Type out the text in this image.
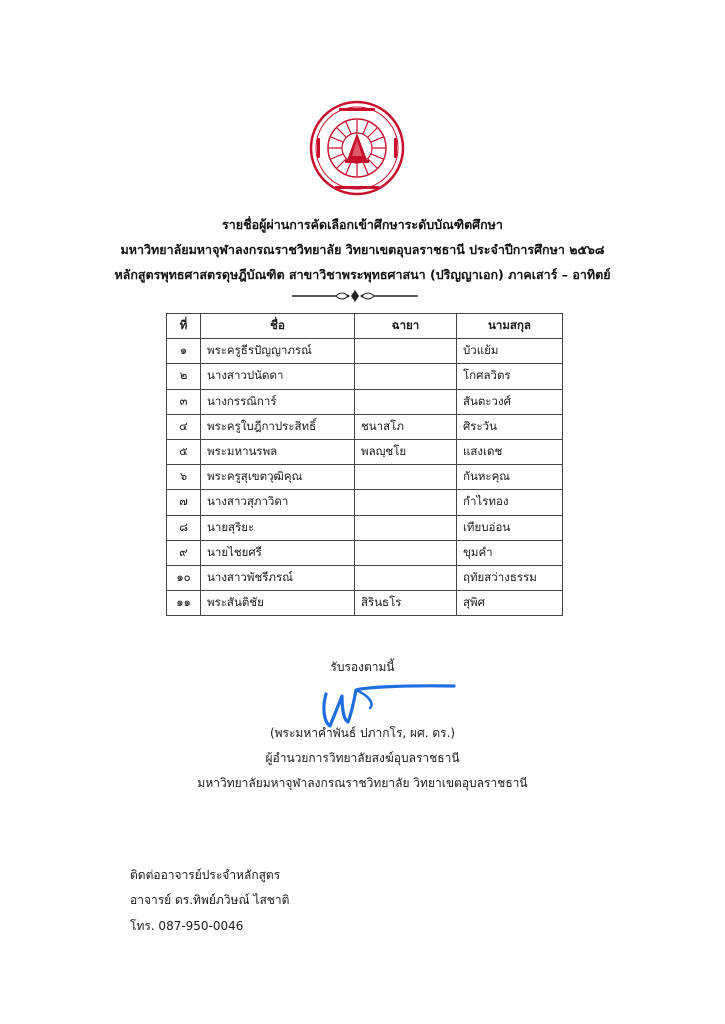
รายชื่อผู้ผ่านการคัดเลือกเข้าศึกษาระดับบัณฑิตศึกษา
มหาวิทยาลัยมหาจุฬาลงกรณราชวิทยาลัย วิทยาเขตอุบลราชธานี ประจำปีการศึกษา ๒๕๖๘
หลักสูตรพุทธศาสตรดุษฎีบัณฑิต สาขาวิชาพระพุทธศาสนา (ปริญญาเอก) ภาคเสาร์ – อาทิตย์
ที่	ชื่อ	ฉายา	นามสกุล
๑	พระครูธีรปัญญาภรณ์		บัวแย้ม
๒	นางสาวปนัดดา		โกศลวิตร
๓	นางกรรณิการ์		สันตะวงศ์
๔	พระครูใบฎีกาประสิทธิ์	ชนาสโภ	ศิระวัน
๕	พระมหานรพล	พลญฺชโย	แสงเดช
๖	พระครูสุเขตวุฒิคุณ		กันหะคุณ
๗	นางสาวสุภาวิดา		กำไรทอง
๘	นายสุริยะ		เทียบอ่อน
๙	นายไชยศรี		ขุมคำ
๑๐	นางสาวพัชรีภรณ์		ฤทัยสว่างธรรม
๑๑	พระสันติชัย	สิรินธโร	สุพิศ
รับรองตามนี้
(พระมหาคำพันธ์ ปภากโร, ผศ. ดร.)
ผู้อำนวยการวิทยาลัยสงฆ์อุบลราชธานี
มหาวิทยาลัยมหาจุฬาลงกรณราชวิทยาลัย วิทยาเขตอุบลราชธานี
ติดต่ออาจารย์ประจำหลักสูตร
อาจารย์ ดร.ทิพย์ภวิษณ์ ไสชาติ
โทร. 087-950-0046
